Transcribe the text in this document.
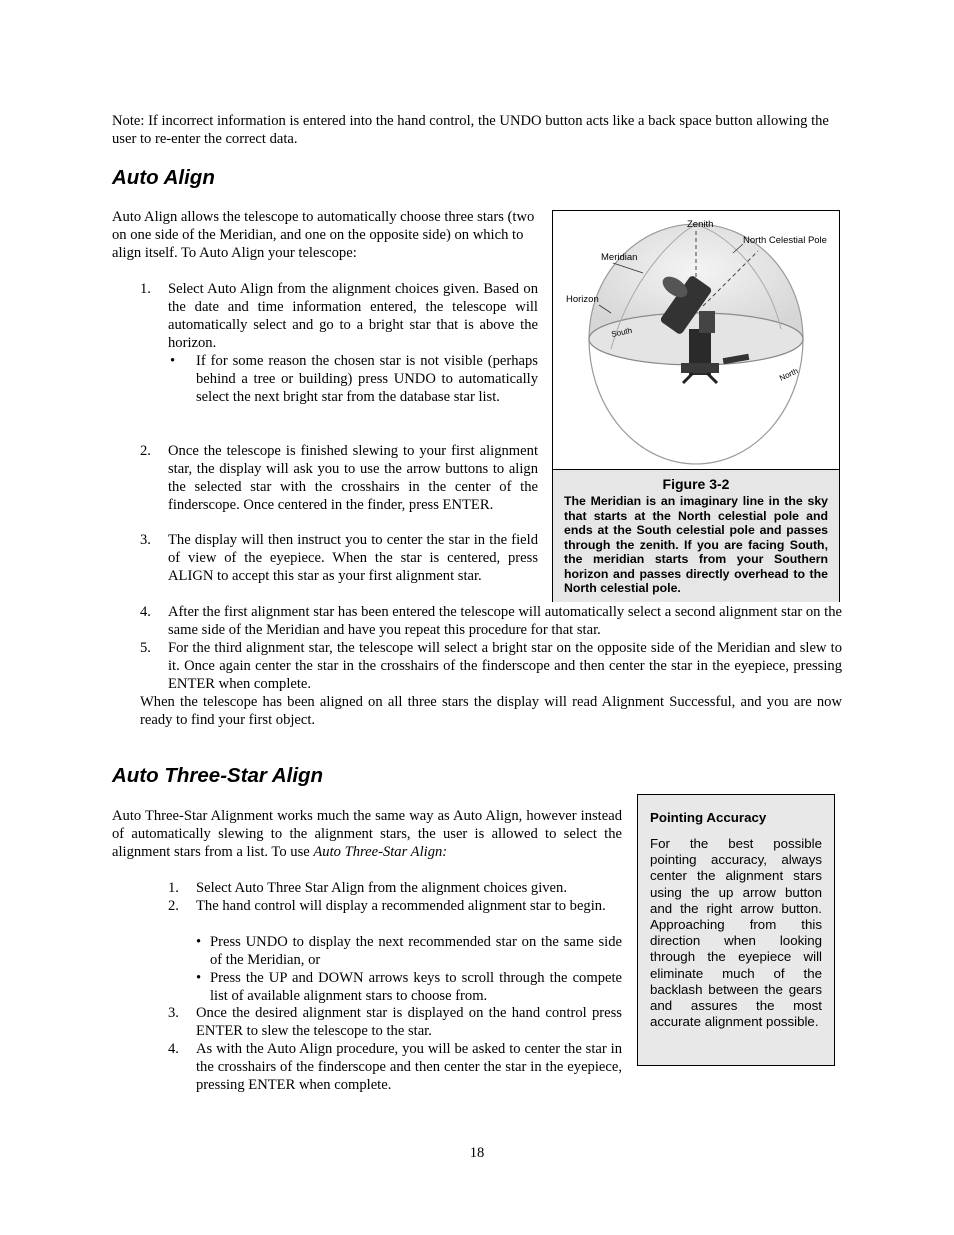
Note: If incorrect information is entered into the hand control, the UNDO button acts like a back space button allowing the user to re-enter the correct data.
Auto Align
Auto Align allows the telescope to automatically choose three stars (two on one side of the Meridian, and one on the opposite side) on which to align itself. To Auto Align your telescope:
1.	Select Auto Align from the alignment choices given. Based on the date and time information entered, the telescope will automatically select and go to a bright star that is above the horizon.
• If for some reason the chosen star is not visible (perhaps behind a tree or building) press UNDO to automatically select the next bright star from the database star list.
2.	Once the telescope is finished slewing to your first alignment star, the display will ask you to use the arrow buttons to align the selected star with the crosshairs in the center of the finderscope. Once centered in the finder, press ENTER.
3.	The display will then instruct you to center the star in the field of view of the eyepiece. When the star is centered, press ALIGN to accept this star as your first alignment star.
4.	After the first alignment star has been entered the telescope will automatically select a second alignment star on the same side of the Meridian and have you repeat this procedure for that star.
5.	For the third alignment star, the telescope will select a bright star on the opposite side of the Meridian and slew to it. Once again center the star in the crosshairs of the finderscope and then center the star in the eyepiece, pressing ENTER when complete.
When the telescope has been aligned on all three stars the display will read Alignment Successful, and you are now ready to find your first object.
Zenith
North Celestial Pole
Meridian
Horizon
South
North
Figure 3-2
The Meridian is an imaginary line in the sky that starts at the North celestial pole and ends at the South celestial pole and passes through the zenith. If you are facing South, the meridian starts from your Southern horizon and passes directly overhead to the North celestial pole.
Auto Three-Star Align
Auto Three-Star Alignment works much the same way as Auto Align, however instead of automatically slewing to the alignment stars, the user is allowed to select the alignment stars from a list. To use Auto Three-Star Align:
1.	Select Auto Three Star Align from the alignment choices given.
2.	The hand control will display a recommended alignment star to begin.
• Press UNDO to display the next recommended star on the same side of the Meridian, or
• Press the UP and DOWN arrows keys to scroll through the compete list of available alignment stars to choose from.
3.	Once the desired alignment star is displayed on the hand control press ENTER to slew the telescope to the star.
4.	As with the Auto Align procedure, you will be asked to center the star in the crosshairs of the finderscope and then center the star in the eyepiece, pressing ENTER when complete.
Pointing Accuracy
For the best possible pointing accuracy, always center the alignment stars using the up arrow button and the right arrow button. Approaching from this direction when looking through the eyepiece will eliminate much of the backlash between the gears and assures the most accurate alignment possible.
18
